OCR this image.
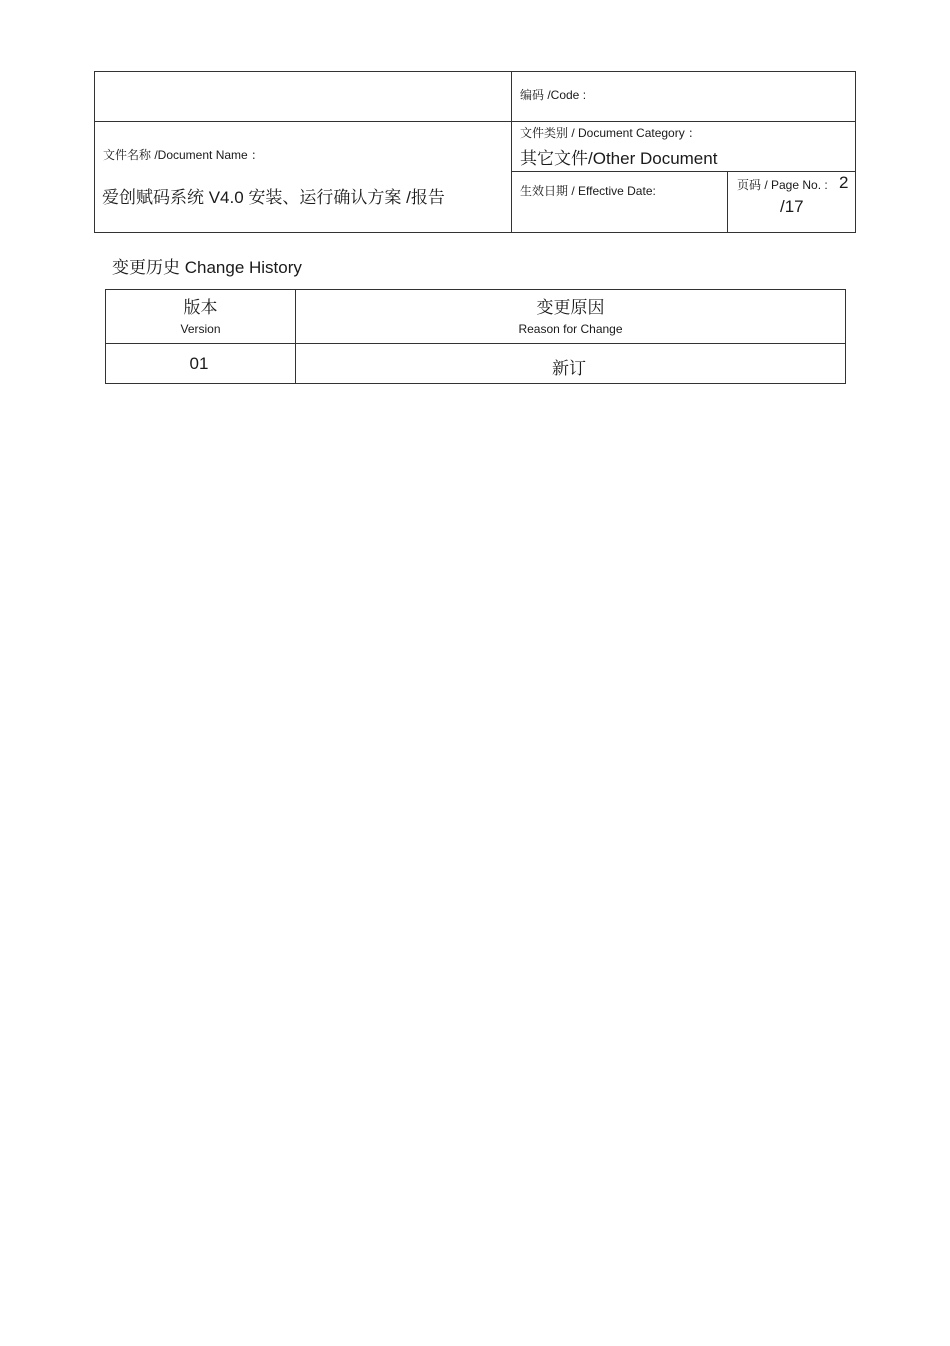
编码 /Code :
文件名称 /Document Name ：
爱创赋码系统 V4.0 安装、运行确认方案 /报告
文件类别 / Document Category ：
其它文件/Other Document
生效日期 / Effective Date:	页码 / Page No. : 2
/17
变更历史 Change History
版本
Version
变更原因
Reason for Change
01	新订
